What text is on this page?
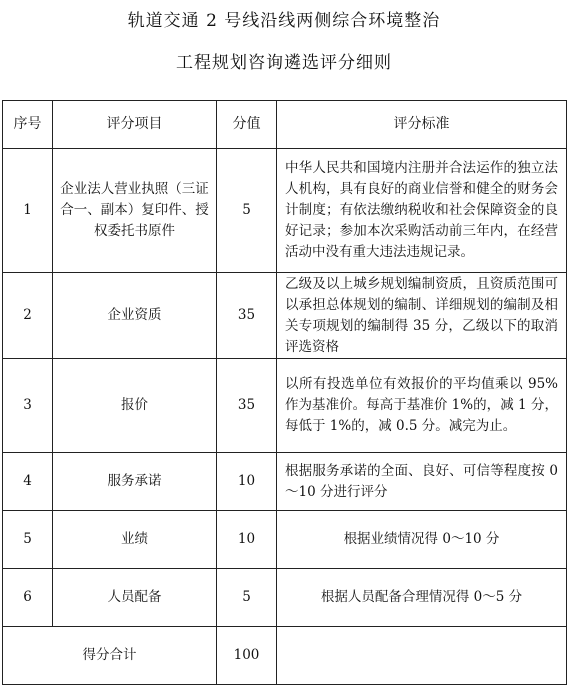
轨道交通 2 号线沿线两侧综合环境整治
工程规划咨询遴选评分细则
序号	评分项目	分值	评分标准
1	企业法人营业执照（三证合一、副本）复印件、授权委托书原件	5	中华人民共和国境内注册并合法运作的独立法人机构，具有良好的商业信誉和健全的财务会计制度；有依法缴纳税收和社会保障资金的良好记录；参加本次采购活动前三年内，在经营活动中没有重大违法违规记录。
2	企业资质	35	乙级及以上城乡规划编制资质，且资质范围可以承担总体规划的编制、详细规划的编制及相关专项规划的编制得 35 分，乙级以下的取消评选资格
3	报价	35	以所有投选单位有效报价的平均值乘以 95%作为基准价。每高于基准价 1%的，减 1 分，每低于 1%的，减 0.5 分。减完为止。
4	服务承诺	10	根据服务承诺的全面、良好、可信等程度按 0～10 分进行评分
5	业绩	10	根据业绩情况得 0～10 分
6	人员配备	5	根据人员配备合理情况得 0～5 分
得分合计		100	
